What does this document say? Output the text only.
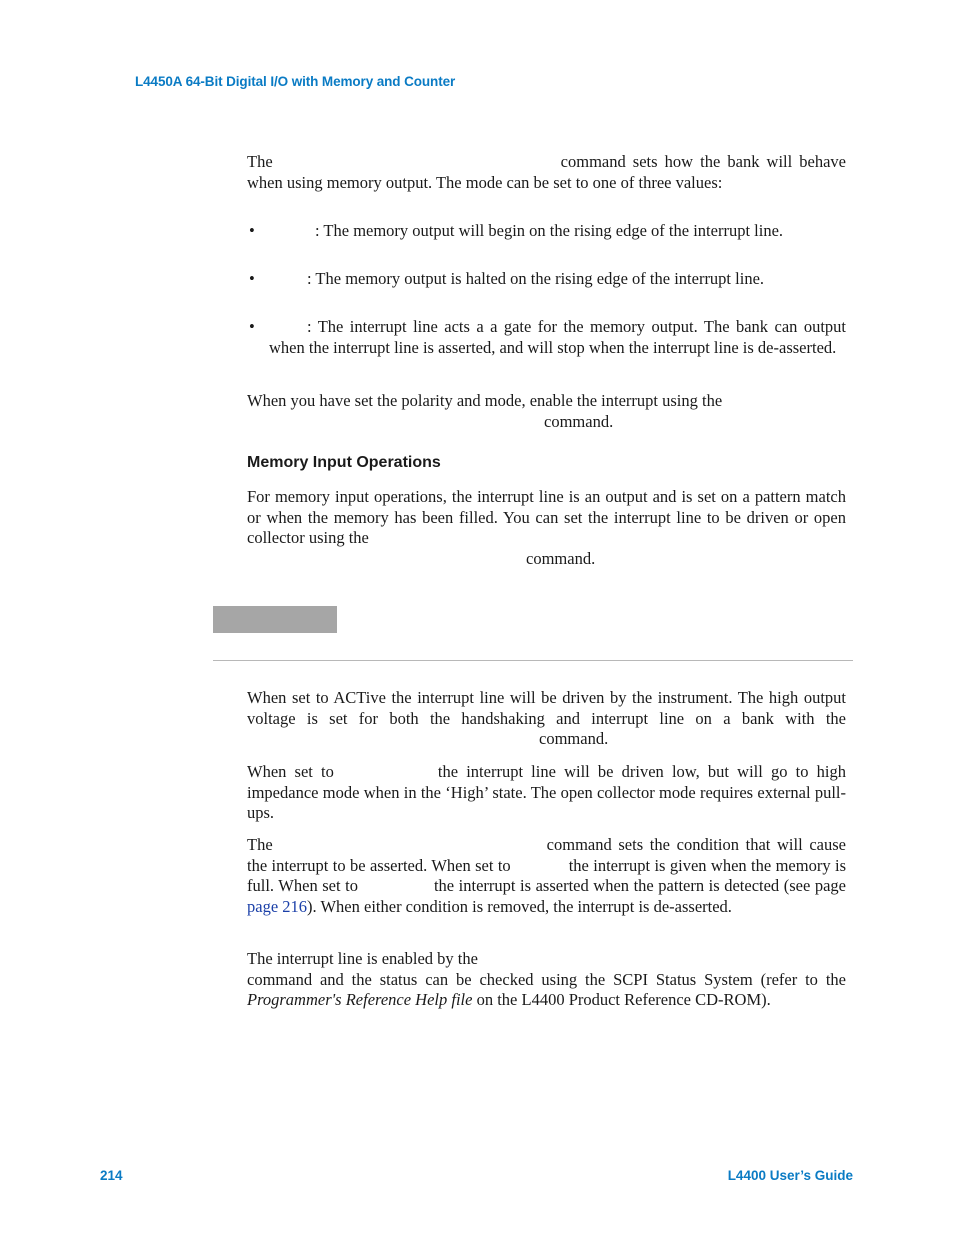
L4450A 64-Bit Digital I/O with Memory and Counter
The	command sets how the bank will behave when using memory output. The mode can be set to one of three values:
•	: The memory output will begin on the rising edge of the interrupt line.
•	: The memory output is halted on the rising edge of the interrupt line.
•	: The interrupt line acts a a gate for the memory output. The bank can output when the interrupt line is asserted, and will stop when the interrupt line is de-asserted.
When you have set the polarity and mode, enable the interrupt using the
command.
Memory Input Operations
For memory input operations, the interrupt line is an output and is set on a pattern match or when the memory has been filled. You can set the interrupt line to be driven or open collector using the
command.
When set to ACTive the interrupt line will be driven by the instrument. The high output voltage is set for both the handshaking and interrupt line on a bank with thecommand.
When set to	the interrupt line will be driven low, but will go to high impedance mode when in the ‘High’ state. The open collector mode requires external pull-ups.
The	command sets the condition that will cause the interrupt to be asserted. When set to	the interrupt is given when the memory is full. When set to	the interrupt is asserted when the pattern is detected (see page page 216). When either condition is removed, the interrupt is de-asserted.
The interrupt line is enabled by the
command and the status can be checked using the SCPI Status System (refer to the Programmer's Reference Help file on the L4400 Product Reference CD-ROM).
214	L4400 User’s Guide
